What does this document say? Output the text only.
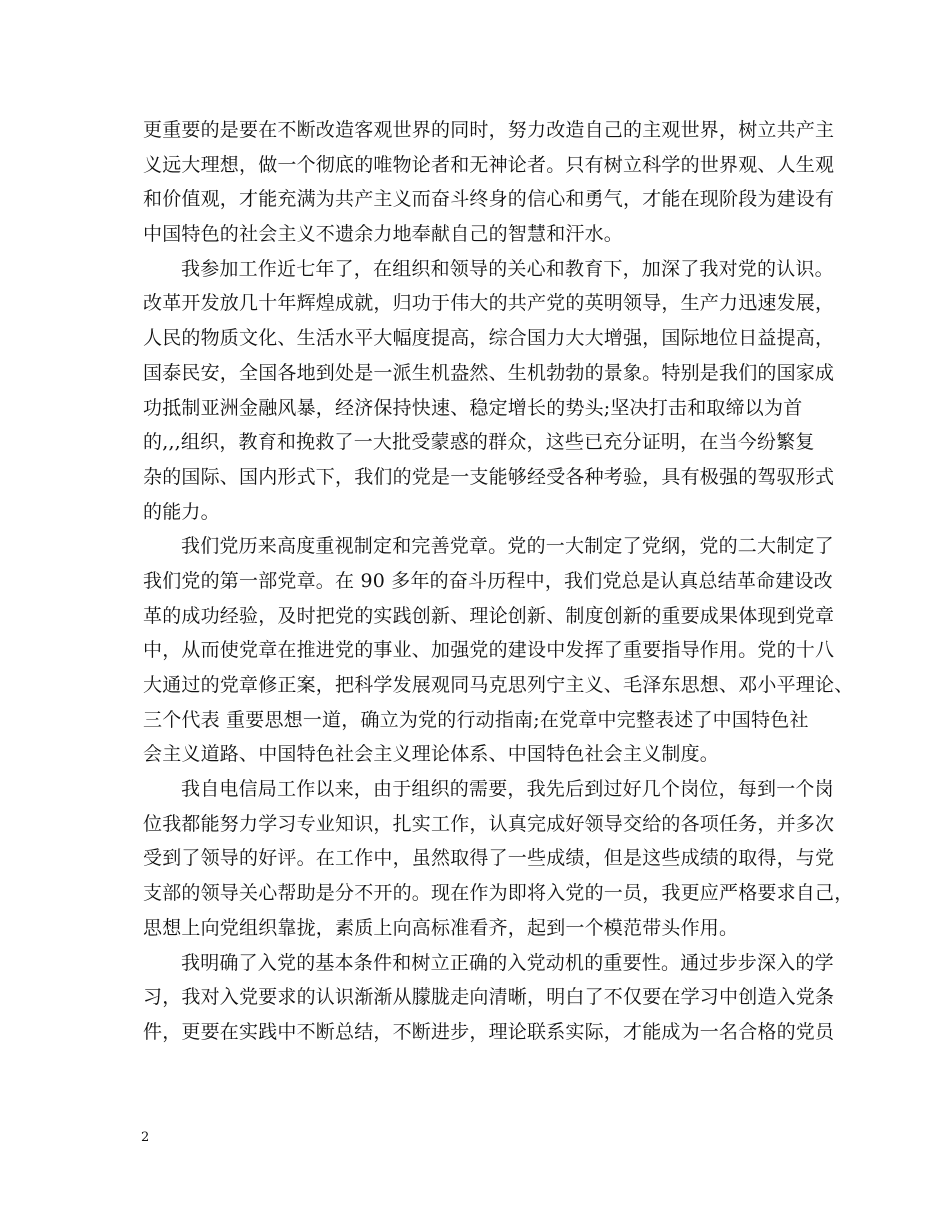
更重要的是要在不断改造客观世界的同时，努力改造自己的主观世界，树立共产主
义远大理想，做一个彻底的唯物论者和无神论者。只有树立科学的世界观、人生观
和价值观，才能充满为共产主义而奋斗终身的信心和勇气，才能在现阶段为建设有
中国特色的社会主义不遗余力地奉献自己的智慧和汗水。
我参加工作近七年了，在组织和领导的关心和教育下，加深了我对党的认识。
改革开发放几十年辉煌成就，归功于伟大的共产党的英明领导，生产力迅速发展，
人民的物质文化、生活水平大幅度提高，综合国力大大增强，国际地位日益提高，
国泰民安，全国各地到处是一派生机盎然、生机勃勃的景象。特别是我们的国家成
功抵制亚洲金融风暴，经济保持快速、稳定增长的势头;坚决打击和取缔以为首
的,,,组织，教育和挽救了一大批受蒙惑的群众，这些已充分证明，在当今纷繁复
杂的国际、国内形式下，我们的党是一支能够经受各种考验，具有极强的驾驭形式
的能力。
我们党历来高度重视制定和完善党章。党的一大制定了党纲，党的二大制定了
我们党的第一部党章。在 90 多年的奋斗历程中，我们党总是认真总结革命建设改
革的成功经验，及时把党的实践创新、理论创新、制度创新的重要成果体现到党章
中，从而使党章在推进党的事业、加强党的建设中发挥了重要指导作用。党的十八
大通过的党章修正案，把科学发展观同马克思列宁主义、毛泽东思想、邓小平理论、
三个代表 重要思想一道，确立为党的行动指南;在党章中完整表述了中国特色社
会主义道路、中国特色社会主义理论体系、中国特色社会主义制度。
我自电信局工作以来，由于组织的需要，我先后到过好几个岗位，每到一个岗
位我都能努力学习专业知识，扎实工作，认真完成好领导交给的各项任务，并多次
受到了领导的好评。在工作中，虽然取得了一些成绩，但是这些成绩的取得，与党
支部的领导关心帮助是分不开的。现在作为即将入党的一员，我更应严格要求自己，
思想上向党组织靠拢，素质上向高标准看齐，起到一个模范带头作用。
我明确了入党的基本条件和树立正确的入党动机的重要性。通过步步深入的学
习，我对入党要求的认识渐渐从朦胧走向清晰，明白了不仅要在学习中创造入党条
件，更要在实践中不断总结，不断进步，理论联系实际，才能成为一名合格的党员
2
